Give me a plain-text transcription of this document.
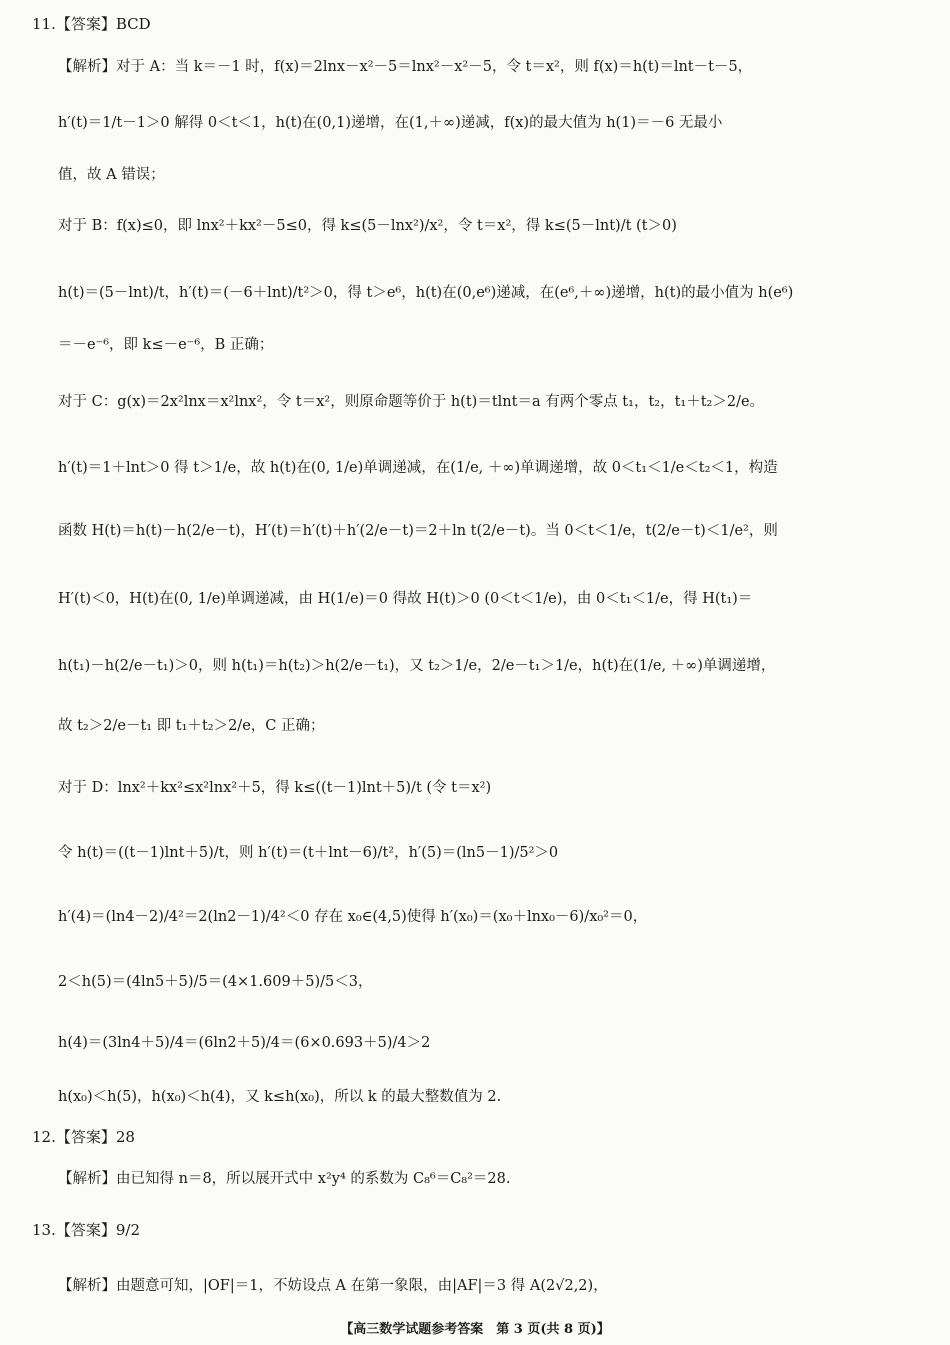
11.【答案】BCD
【解析】对于 A：当 k＝－1 时，f(x)＝2lnx－x²－5＝lnx²－x²－5，令 t＝x²，则 f(x)＝h(t)＝lnt－t－5，
h′(t)＝1/t－1＞0 解得 0＜t＜1，h(t)在(0,1)递增，在(1,＋∞)递减，f(x)的最大值为 h(1)＝－6 无最小
值，故 A 错误；
对于 B：f(x)≤0，即 lnx²＋kx²－5≤0，得 k≤(5－lnx²)/x²，令 t＝x²，得 k≤(5－lnt)/t (t＞0)
h(t)＝(5－lnt)/t，h′(t)＝(－6＋lnt)/t²＞0，得 t＞e⁶，h(t)在(0,e⁶)递减，在(e⁶,＋∞)递增，h(t)的最小值为 h(e⁶)
＝－e⁻⁶，即 k≤－e⁻⁶，B 正确；
对于 C：g(x)＝2x²lnx＝x²lnx²，令 t＝x²，则原命题等价于 h(t)＝tlnt＝a 有两个零点 t₁，t₂，t₁＋t₂＞2/e。
h′(t)＝1＋lnt＞0 得 t＞1/e，故 h(t)在(0, 1/e)单调递减，在(1/e, ＋∞)单调递增，故 0＜t₁＜1/e＜t₂＜1，构造
函数 H(t)＝h(t)－h(2/e－t)，H′(t)＝h′(t)＋h′(2/e－t)＝2＋ln t(2/e－t)。当 0＜t＜1/e，t(2/e－t)＜1/e²，则
H′(t)＜0，H(t)在(0, 1/e)单调递减，由 H(1/e)＝0 得故 H(t)＞0 (0＜t＜1/e)，由 0＜t₁＜1/e，得 H(t₁)＝
h(t₁)－h(2/e－t₁)＞0，则 h(t₁)＝h(t₂)＞h(2/e－t₁)，又 t₂＞1/e，2/e－t₁＞1/e，h(t)在(1/e, ＋∞)单调递增，
故 t₂＞2/e－t₁ 即 t₁＋t₂＞2/e，C 正确；
对于 D：lnx²＋kx²≤x²lnx²＋5，得 k≤((t－1)lnt＋5)/t (令 t＝x²)
令 h(t)＝((t－1)lnt＋5)/t，则 h′(t)＝(t＋lnt－6)/t²，h′(5)＝(ln5－1)/5²＞0
h′(4)＝(ln4－2)/4²＝2(ln2－1)/4²＜0 存在 x₀∈(4,5)使得 h′(x₀)＝(x₀＋lnx₀－6)/x₀²＝0，
2＜h(5)＝(4ln5＋5)/5＝(4×1.609＋5)/5＜3，
h(4)＝(3ln4＋5)/4＝(6ln2＋5)/4＝(6×0.693＋5)/4＞2
h(x₀)＜h(5)，h(x₀)＜h(4)，又 k≤h(x₀)，所以 k 的最大整数值为 2.
12.【答案】28
【解析】由已知得 n＝8，所以展开式中 x²y⁴ 的系数为 C₈⁶＝C₈²＝28.
13.【答案】9/2
【解析】由题意可知，|OF|＝1，不妨设点 A 在第一象限，由|AF|＝3 得 A(2√2,2)，
【高三数学试题参考答案　第 3 页(共 8 页)】
